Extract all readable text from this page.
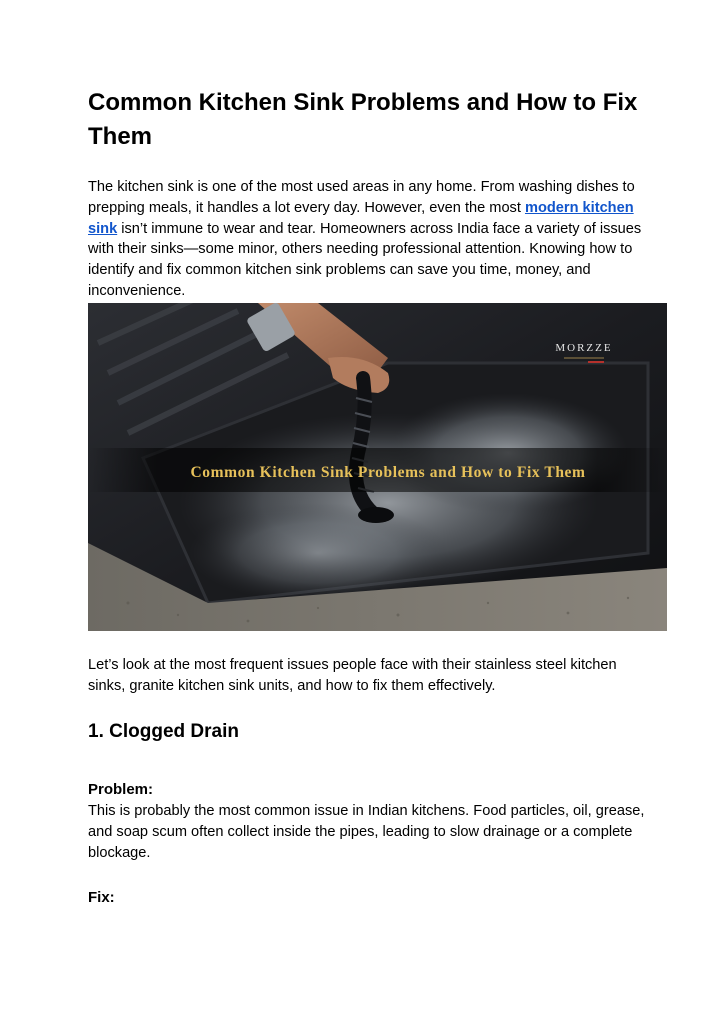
Common Kitchen Sink Problems and How to Fix Them

The kitchen sink is one of the most used areas in any home. From washing dishes to prepping meals, it handles a lot every day. However, even the most modern kitchen sink isn’t immune to wear and tear. Homeowners across India face a variety of issues with their sinks—some minor, others needing professional attention. Knowing how to identify and fix common kitchen sink problems can save you time, money, and inconvenience.

MORZZE
Common Kitchen Sink Problems and How to Fix Them

Let’s look at the most frequent issues people face with their stainless steel kitchen sinks, granite kitchen sink units, and how to fix them effectively.

1. Clogged Drain

Problem:

This is probably the most common issue in Indian kitchens. Food particles, oil, grease, and soap scum often collect inside the pipes, leading to slow drainage or a complete blockage.

Fix:
